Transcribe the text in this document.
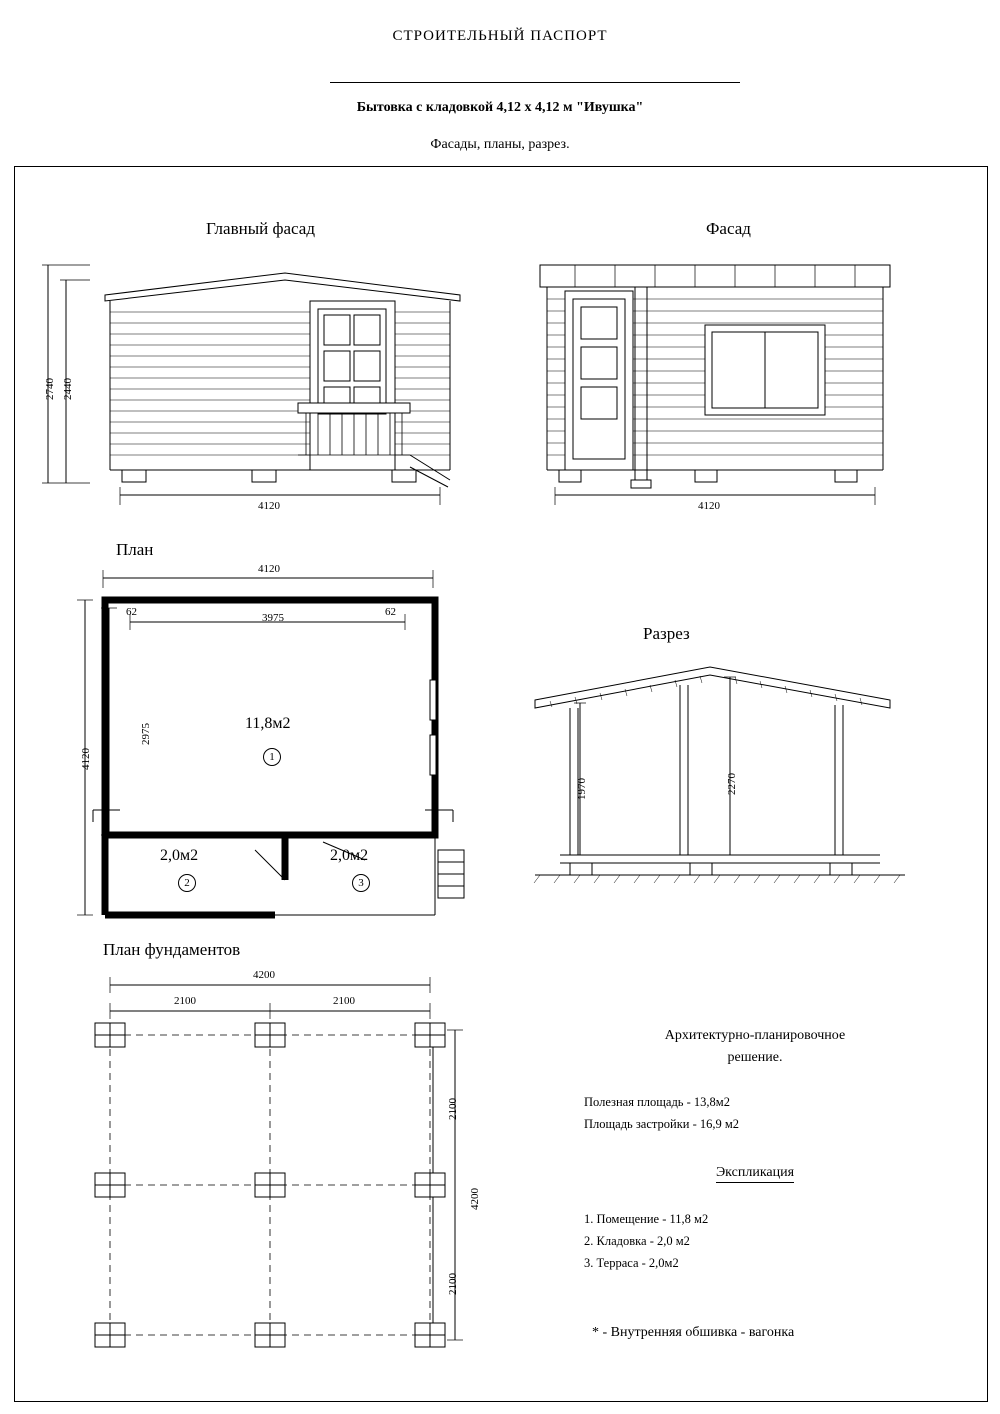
СТРОИТЕЛЬНЫЙ ПАСПОРТ
Бытовка с кладовкой 4,12 х 4,12 м "Ивушка"
Фасады, планы, разрез.
Главный фасад
2740 2440
4120
Фасад
4120
План
4120
3975
62	62
4120
2975	11,8м2
1
2,0м2
2
2,0м2
3
Разрез
1970	2270
План фундаментов
4200
2100	2100
2100
2100
4200
Архитектурно-планировочное
решение.
Полезная площадь - 13,8м2
Площадь застройки - 16,9 м2
Экспликация
1. Помещение - 11,8 м2
2. Кладовка - 2,0 м2
3. Терраса - 2,0м2
* - Внутренняя обшивка - вагонка
